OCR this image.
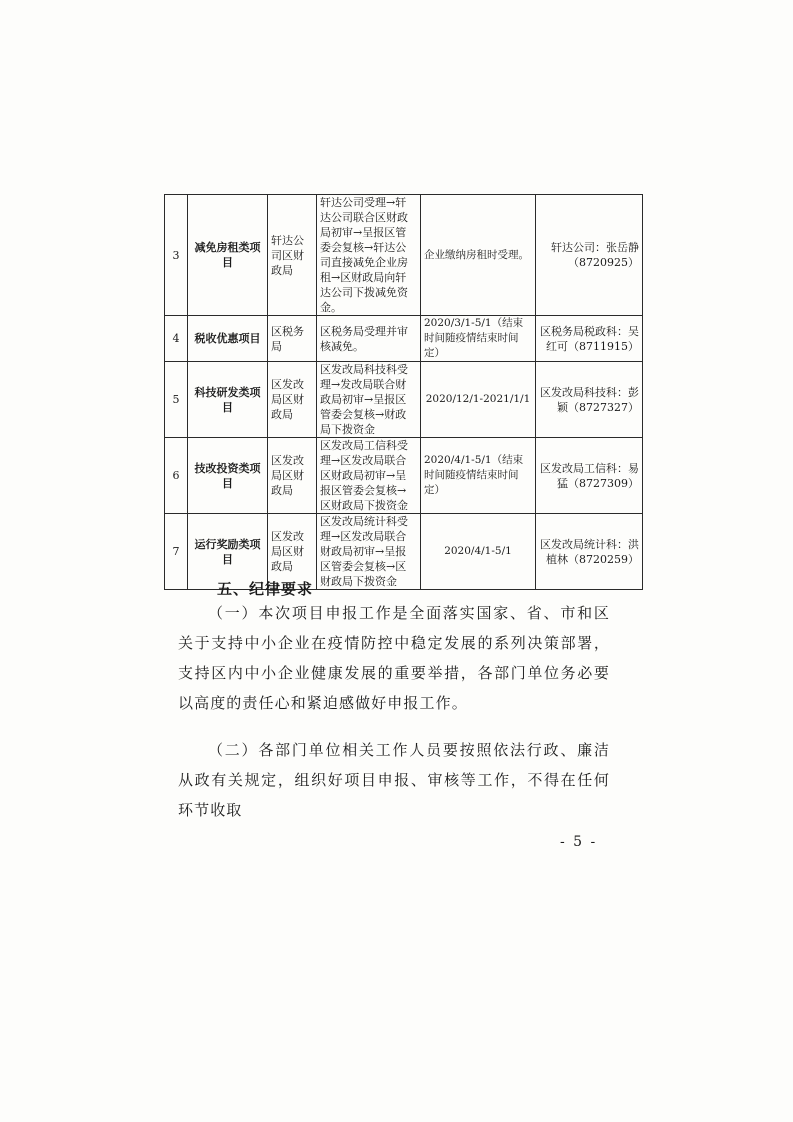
3	减免房租类项目	轩达公司区财政局	轩达公司受理→轩达公司联合区财政局初审→呈报区管委会复核→轩达公司直接减免企业房租→区财政局向轩达公司下拨减免资金。	企业缴纳房租时受理。	轩达公司：张岳静（8720925）
4	税收优惠项目	区税务局	区税务局受理并审核减免。	2020/3/1-5/1（结束时间随疫情结束时间定）	区税务局税政科：吴红可（8711915）
5	科技研发类项目	区发改局区财政局	区发改局科技科受理→发改局联合财政局初审→呈报区管委会复核→财政局下拨资金	2020/12/1-2021/1/1	区发改局科技科：彭颖（8727327）
6	技改投资类项目	区发改局区财政局	区发改局工信科受理→区发改局联合区财政局初审→呈报区管委会复核→区财政局下拨资金	2020/4/1-5/1（结束时间随疫情结束时间定）	区发改局工信科：易猛（8727309）
7	运行奖励类项目	区发改局区财政局	区发改局统计科受理→区发改局联合财政局初审→呈报区管委会复核→区财政局下拨资金	2020/4/1-5/1	区发改局统计科：洪植林（8720259）
五、纪律要求

（一）本次项目申报工作是全面落实国家、省、市和区关于支持中小企业在疫情防控中稳定发展的系列决策部署，支持区内中小企业健康发展的重要举措，各部门单位务必要以高度的责任心和紧迫感做好申报工作。

（二）各部门单位相关工作人员要按照依法行政、廉洁从政有关规定，组织好项目申报、审核等工作，不得在任何环节收取

- 5 -
